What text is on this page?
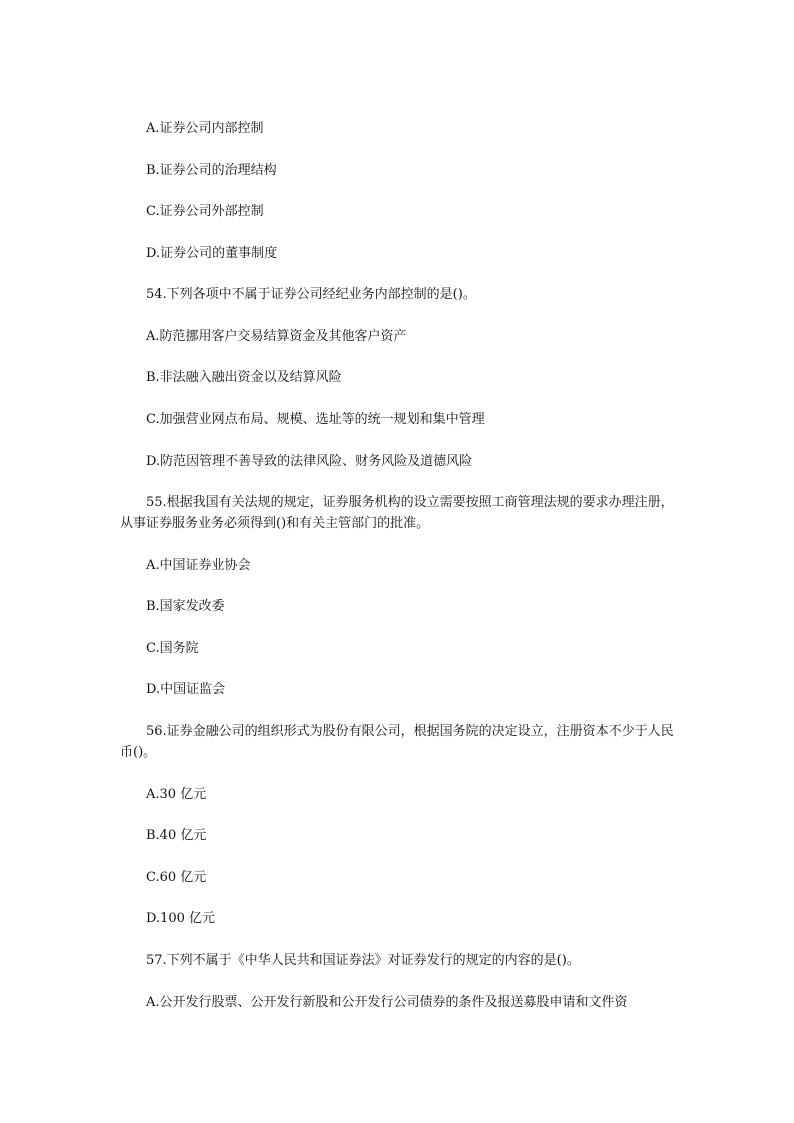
A.证券公司内部控制
B.证券公司的治理结构
C.证券公司外部控制
D.证券公司的董事制度
54.下列各项中不属于证券公司经纪业务内部控制的是()。
A.防范挪用客户交易结算资金及其他客户资产
B.非法融入融出资金以及结算风险
C.加强营业网点布局、规模、选址等的统一规划和集中管理
D.防范因管理不善导致的法律风险、财务风险及道德风险
55.根据我国有关法规的规定，证券服务机构的设立需要按照工商管理法规的要求办理注册，从事证券服务业务必须得到()和有关主管部门的批准。
A.中国证券业协会
B.国家发改委
C.国务院
D.中国证监会
56.证券金融公司的组织形式为股份有限公司，根据国务院的决定设立，注册资本不少于人民币()。
A.30 亿元
B.40 亿元
C.60 亿元
D.100 亿元
57.下列不属于《中华人民共和国证券法》对证券发行的规定的内容的是()。
A.公开发行股票、公开发行新股和公开发行公司债券的条件及报送募股申请和文件资
